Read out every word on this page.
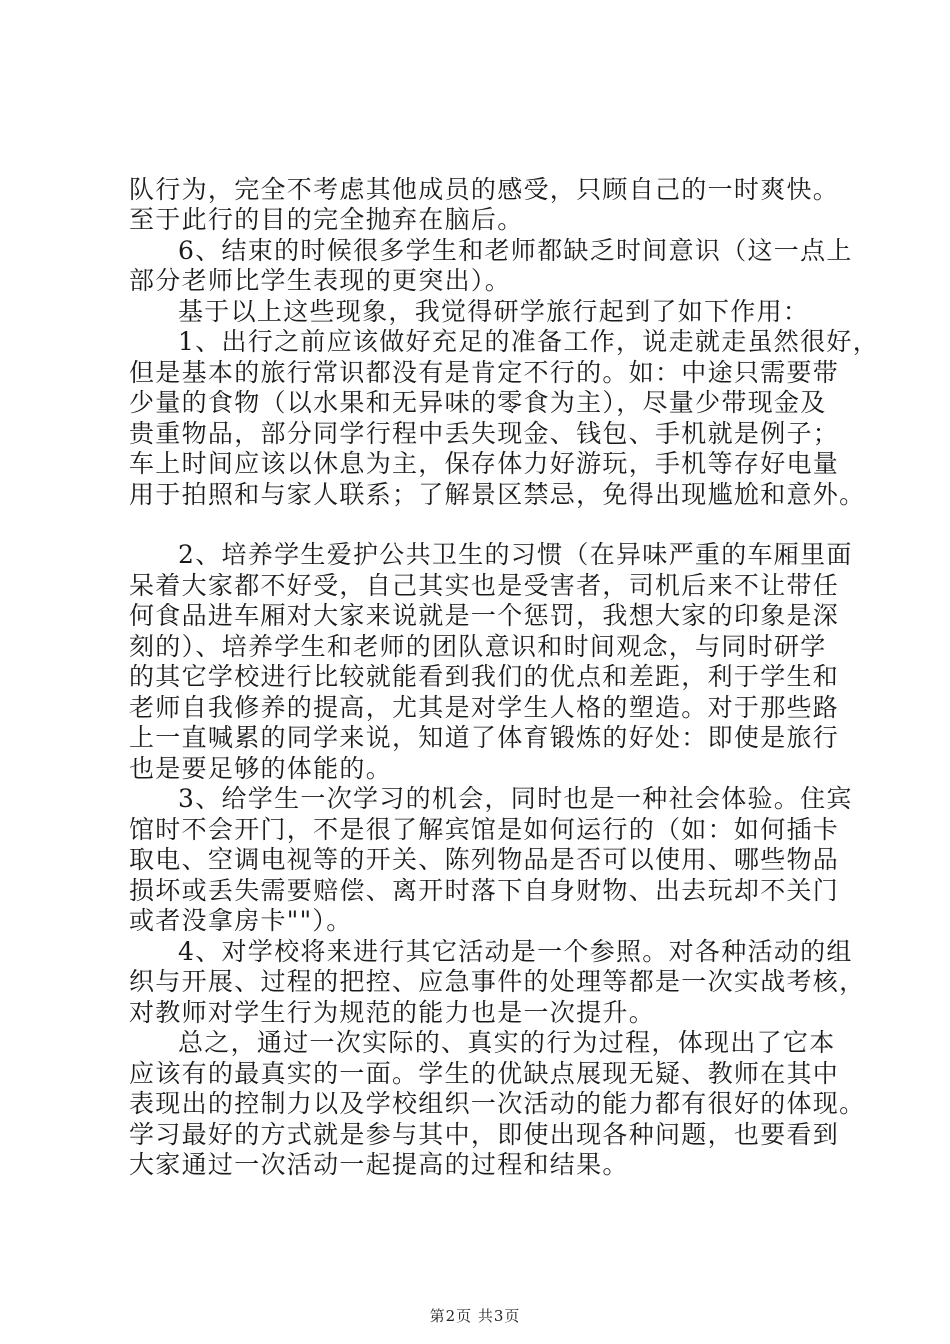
队行为，完全不考虑其他成员的感受，只顾自己的一时爽快。
至于此行的目的完全抛弃在脑后。
6、结束的时候很多学生和老师都缺乏时间意识（这一点上
部分老师比学生表现的更突出）。
基于以上这些现象，我觉得研学旅行起到了如下作用：
1、出行之前应该做好充足的准备工作，说走就走虽然很好，
但是基本的旅行常识都没有是肯定不行的。如：中途只需要带
少量的食物（以水果和无异味的零食为主），尽量少带现金及
贵重物品，部分同学行程中丢失现金、钱包、手机就是例子；
车上时间应该以休息为主，保存体力好游玩，手机等存好电量
用于拍照和与家人联系；了解景区禁忌，免得出现尴尬和意外。
2、培养学生爱护公共卫生的习惯（在异味严重的车厢里面
呆着大家都不好受，自己其实也是受害者，司机后来不让带任
何食品进车厢对大家来说就是一个惩罚，我想大家的印象是深
刻的）、培养学生和老师的团队意识和时间观念，与同时研学
的其它学校进行比较就能看到我们的优点和差距，利于学生和
老师自我修养的提高，尤其是对学生人格的塑造。对于那些路
上一直喊累的同学来说，知道了体育锻炼的好处：即使是旅行
也是要足够的体能的。
3、给学生一次学习的机会，同时也是一种社会体验。住宾
馆时不会开门，不是很了解宾馆是如何运行的（如：如何插卡
取电、空调电视等的开关、陈列物品是否可以使用、哪些物品
损坏或丢失需要赔偿、离开时落下自身财物、出去玩却不关门
或者没拿房卡""）。
4、对学校将来进行其它活动是一个参照。对各种活动的组
织与开展、过程的把控、应急事件的处理等都是一次实战考核，
对教师对学生行为规范的能力也是一次提升。
总之，通过一次实际的、真实的行为过程，体现出了它本
应该有的最真实的一面。学生的优缺点展现无疑、教师在其中
表现出的控制力以及学校组织一次活动的能力都有很好的体现。
学习最好的方式就是参与其中，即使出现各种问题，也要看到
大家通过一次活动一起提高的过程和结果。
第2页 共3页
